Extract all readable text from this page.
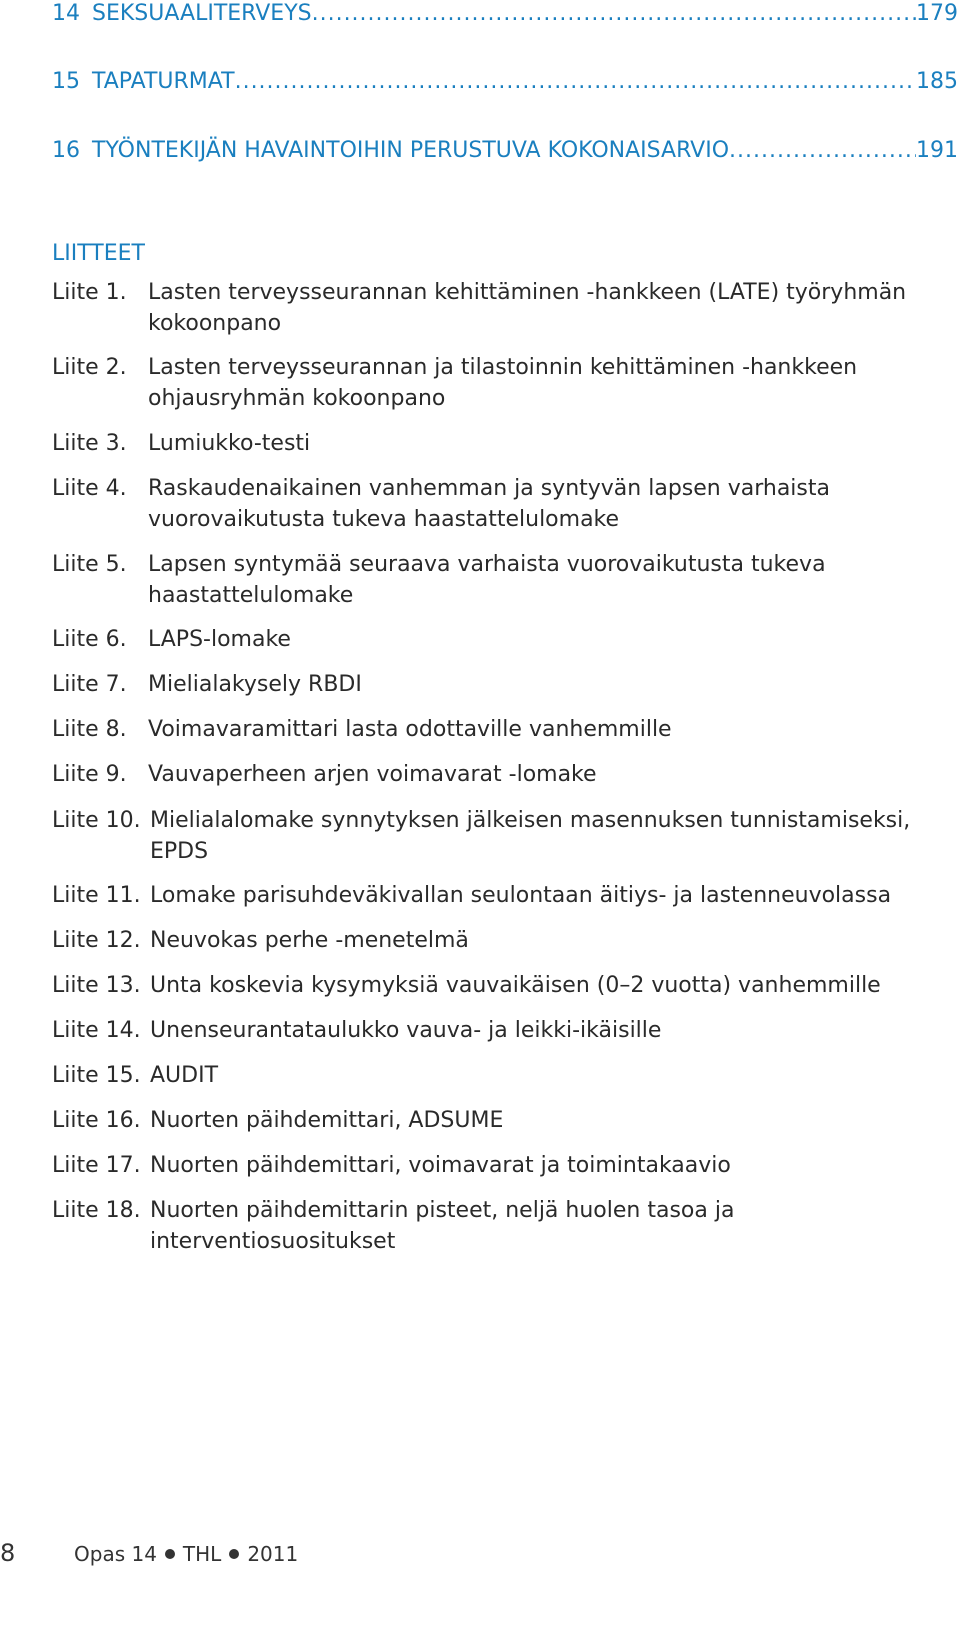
14 SEKSUAALITERVEYS .....	179
15 TAPATURMAT .....	185
16 TYÖNTEKIJÄN HAVAINTOIHIN PERUSTUVA KOKONAISARVIO .....	191
LIITTEET
Liite 1. Lasten terveysseurannan kehittäminen -hankkeen (LATE) työryhmän kokoonpano
Liite 2. Lasten terveysseurannan ja tilastoinnin kehittäminen -hankkeen ohjausryhmän kokoonpano
Liite 3. Lumiukko-testi
Liite 4. Raskaudenaikainen vanhemman ja syntyvän lapsen varhaista vuorovaikutusta tukeva haastattelulomake
Liite 5. Lapsen syntymää seuraava varhaista vuorovaikutusta tukeva haastattelulomake
Liite 6. LAPS-lomake
Liite 7. Mielialakysely RBDI
Liite 8. Voimavaramittari lasta odottaville vanhemmille
Liite 9. Vauvaperheen arjen voimavarat -lomake
Liite 10. Mielialalomake synnytyksen jälkeisen masennuksen tunnistamiseksi, EPDS
Liite 11. Lomake parisuhdeväkivallan seulontaan äitiys- ja lastenneuvolassa
Liite 12. Neuvokas perhe -menetelmä
Liite 13. Unta koskevia kysymyksiä vauvaikäisen (0–2 vuotta) vanhemmille
Liite 14. Unenseurantataulukko vauva- ja leikki-ikäisille
Liite 15. AUDIT
Liite 16. Nuorten päihdemittari, ADSUME
Liite 17. Nuorten päihdemittari, voimavarat ja toimintakaavio
Liite 18. Nuorten päihdemittarin pisteet, neljä huolen tasoa ja interventiosuositukset
8	Opas 14 THL 2011
